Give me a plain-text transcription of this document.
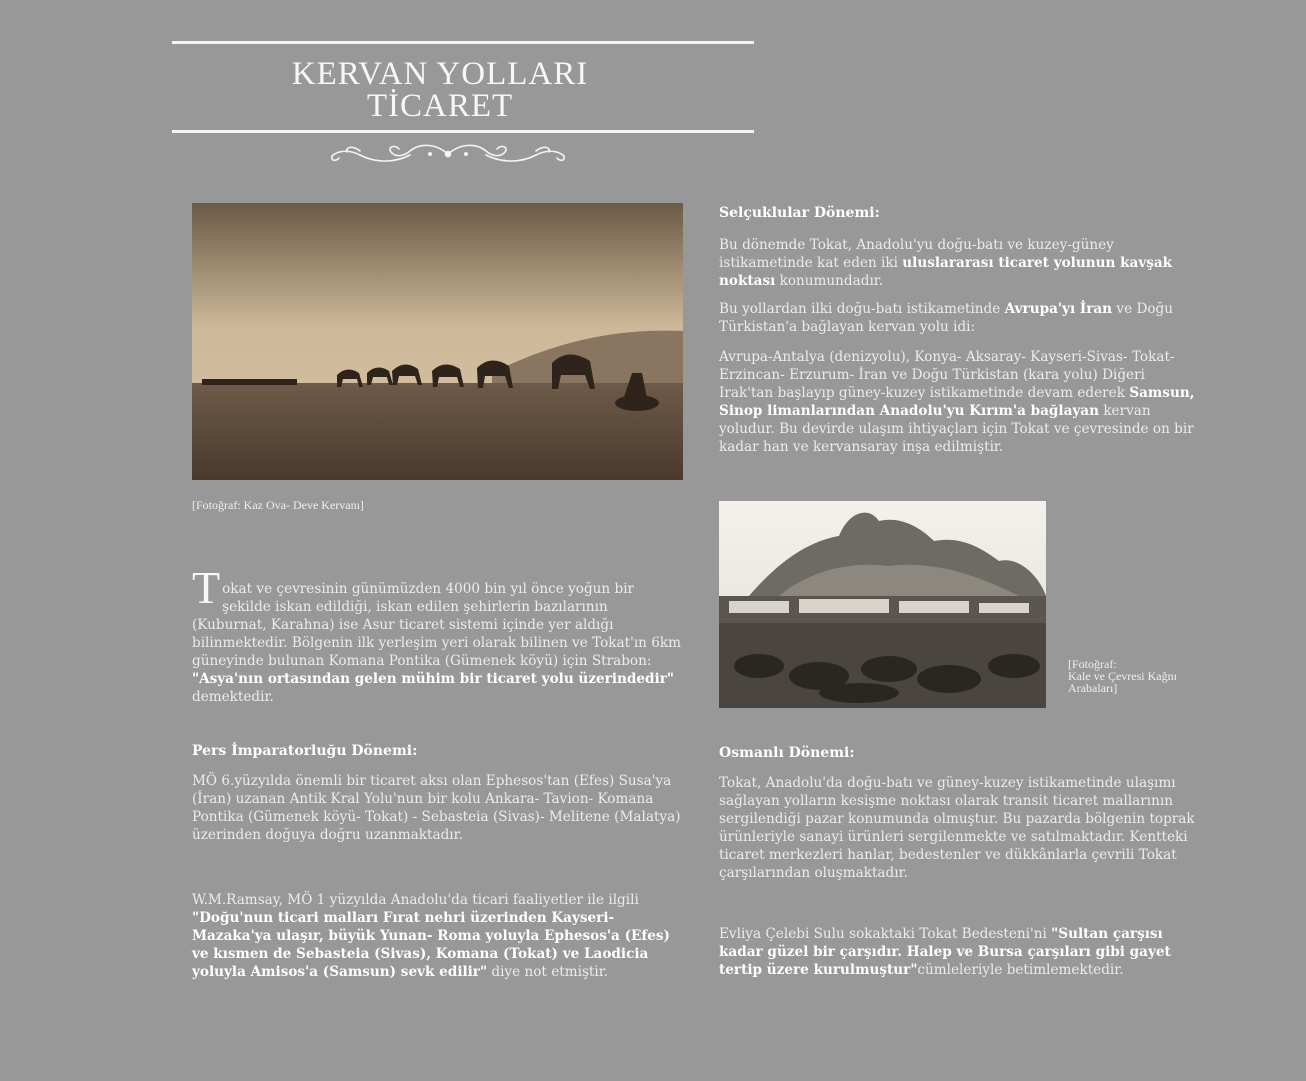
KERVAN YOLLARI
TİCARET
[Fotoğraf: Kaz Ova- Deve Kervanı]

Tokat ve çevresinin günümüzden 4000 bin yıl önce yoğun bir şekilde iskan edildiği, iskan edilen şehirlerin bazılarının (Kuburnat, Karahna) ise Asur ticaret sistemi içinde yer aldığı bilinmektedir. Bölgenin ilk yerleşim yeri olarak bilinen ve Tokat'ın 6km güneyinde bulunan Komana Pontika (Gümenek köyü) için Strabon: "Asya'nın ortasından gelen mühim bir ticaret yolu üzerindedir" demektedir.

Pers İmparatorluğu Dönemi:

MÖ 6.yüzyılda önemli bir ticaret aksı olan Ephesos'tan (Efes) Susa'ya (İran) uzanan Antik Kral Yolu'nun bir kolu Ankara- Tavion- Komana Pontika (Gümenek köyü- Tokat) - Sebasteia (Sivas)- Melitene (Malatya) üzerinden doğuya doğru uzanmaktadır.

W.M.Ramsay, MÖ 1 yüzyılda Anadolu'da ticari faaliyetler ile ilgili "Doğu'nun ticari malları Fırat nehri üzerinden Kayseri- Mazaka'ya ulaşır, büyük Yunan- Roma yoluyla Ephesos'a (Efes) ve kısmen de Sebasteia (Sivas), Komana (Tokat) ve Laodicia yoluyla Amisos'a (Samsun) sevk edilir" diye not etmiştir.

Selçuklular Dönemi:

Bu dönemde Tokat, Anadolu'yu doğu-batı ve kuzey-güney istikametinde kat eden iki uluslararası ticaret yolunun kavşak noktası konumundadır.

Bu yollardan ilki doğu-batı istikametinde Avrupa'yı İran ve Doğu Türkistan'a bağlayan kervan yolu idi:

Avrupa-Antalya (denizyolu), Konya- Aksaray- Kayseri-Sivas- Tokat- Erzincan- Erzurum- İran ve Doğu Türkistan (kara yolu) Diğeri Irak'tan başlayıp güney-kuzey istikametinde devam ederek Samsun, Sinop limanlarından Anadolu'yu Kırım'a bağlayan kervan yoludur. Bu devirde ulaşım ihtiyaçları için Tokat ve çevresinde on bir kadar han ve kervansaray inşa edilmiştir.

[Fotoğraf:
Kale ve Çevresi Kağnı
Arabaları]
Osmanlı Dönemi:

Tokat, Anadolu'da doğu-batı ve güney-kuzey istikametinde ulaşımı sağlayan yolların kesişme noktası olarak transit ticaret mallarının sergilendiği pazar konumunda olmuştur. Bu pazarda bölgenin toprak ürünleriyle sanayi ürünleri sergilenmekte ve satılmaktadır. Kentteki ticaret merkezleri hanlar, bedestenler ve dükkânlarla çevrili Tokat çarşılarından oluşmaktadır.

Evliya Çelebi Sulu sokaktaki Tokat Bedesteni'ni "Sultan çarşısı kadar güzel bir çarşıdır. Halep ve Bursa çarşıları gibi gayet tertip üzere kurulmuştur"cümleleriyle betimlemektedir.
